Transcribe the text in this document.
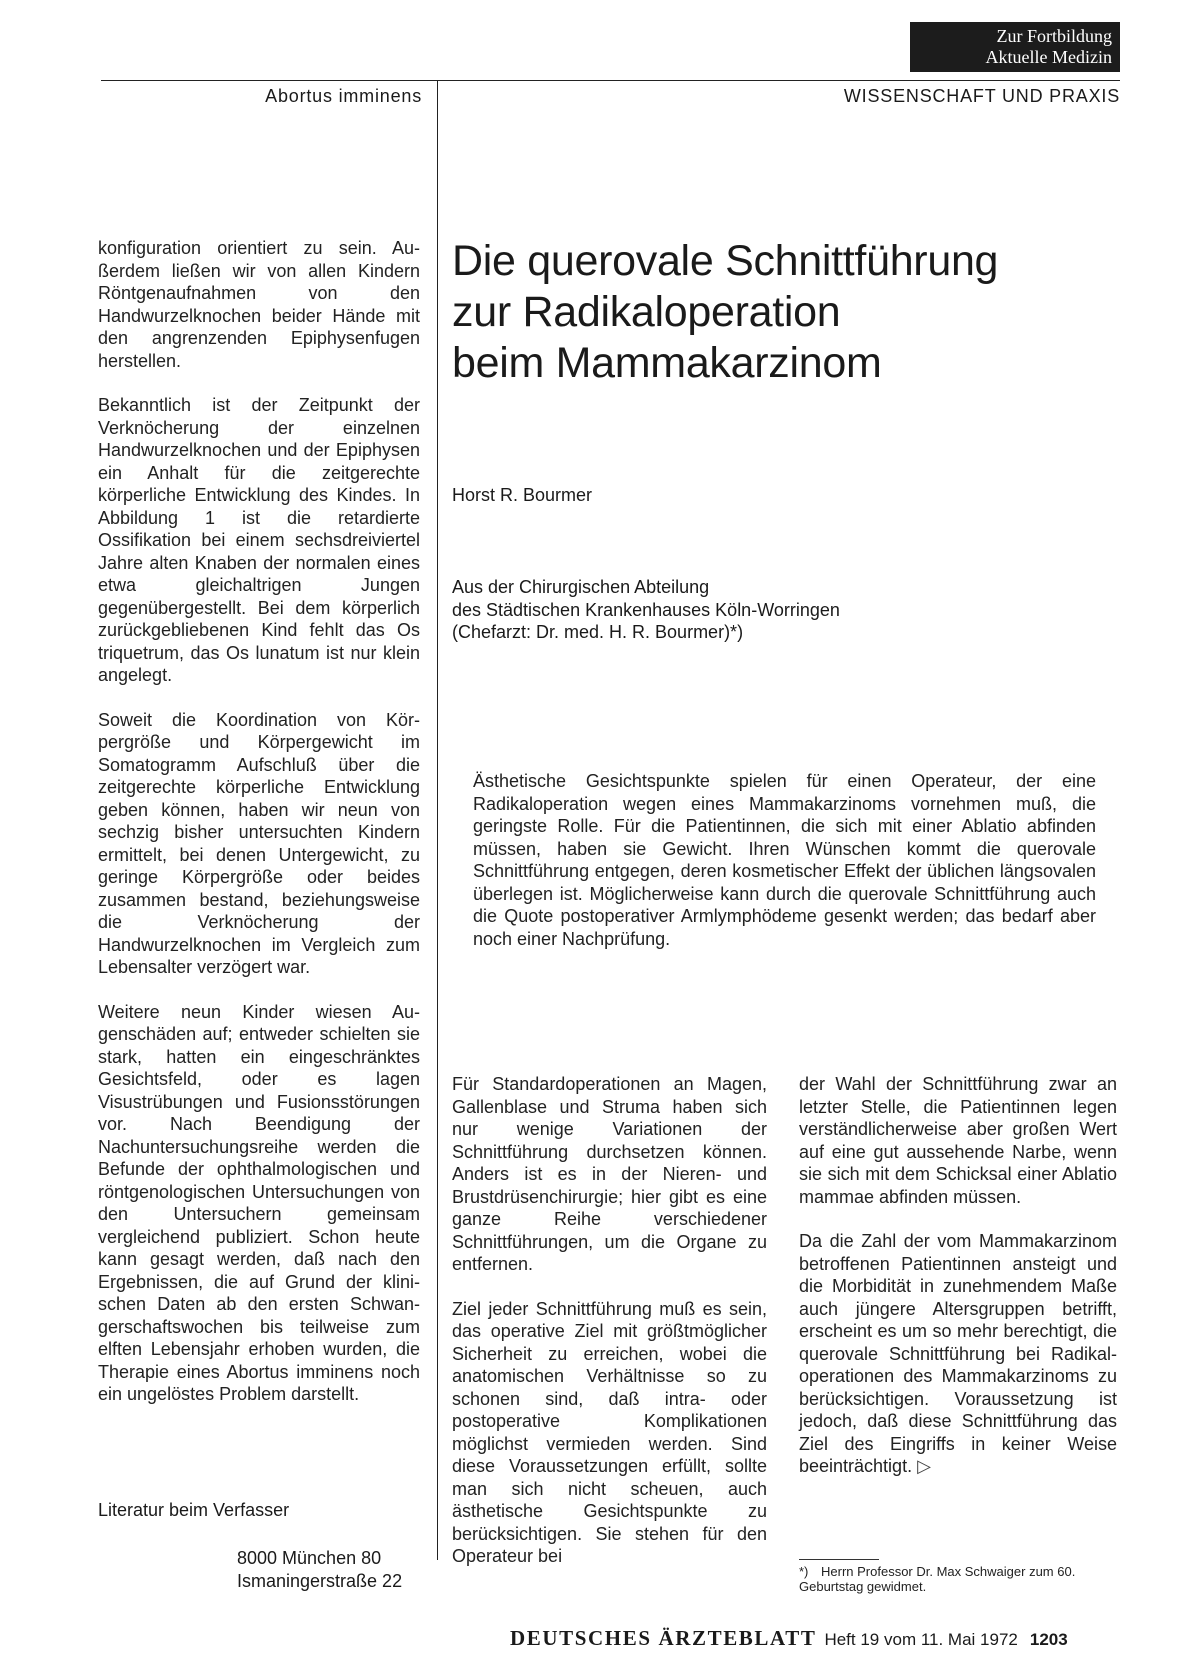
Zur Fortbildung
Aktuelle Medizin
Abortus imminens	WISSENSCHAFT UND PRAXIS

konfiguration orientiert zu sein. Außerdem ließen wir von allen Kindern Röntgenaufnahmen von den Handwurzelknochen beider Hände mit den angrenzenden Epiphysenfugen herstellen.

Bekanntlich ist der Zeitpunkt der Verknöcherung der einzelnen Handwurzelknochen und der Epiphysen ein Anhalt für die zeitgerechte körperliche Entwicklung des Kindes. In Abbildung 1 ist die retardierte Ossifikation bei einem sechsdreiviertel Jahre alten Knaben der normalen eines etwa gleichaltrigen Jungen gegenübergestellt. Bei dem körperlich zurückgebliebenen Kind fehlt das Os triquetrum, das Os lunatum ist nur klein angelegt.

Soweit die Koordination von Körpergröße und Körpergewicht im Somatogramm Aufschluß über die zeitgerechte körperliche Entwicklung geben können, haben wir neun von sechzig bisher untersuchten Kindern ermittelt, bei denen Untergewicht, zu geringe Körpergröße oder beides zusammen bestand, beziehungsweise die Verknöcherung der Handwurzelknochen im Vergleich zum Lebensalter verzögert war.

Weitere neun Kinder wiesen Augenschäden auf; entweder schielten sie stark, hatten ein eingeschränktes Gesichtsfeld, oder es lagen Visustrübungen und Fusionsstörungen vor. Nach Beendigung der Nachuntersuchungsreihe werden die Befunde der ophthalmologischen und röntgenologischen Untersuchungen von den Untersuchern gemeinsam vergleichend publiziert. Schon heute kann gesagt werden, daß nach den Ergebnissen, die auf Grund der klinischen Daten ab den ersten Schwangerschaftswochen bis teilweise zum elften Lebensjahr erhoben wurden, die Therapie eines Abortus imminens noch ein ungelöstes Problem darstellt.

Literatur beim Verfasser
8000 München 80
Ismaningerstraße 22
Die querovale Schnittführung
zur Radikaloperation
beim Mammakarzinom
Horst R. Bourmer
Aus der Chirurgischen Abteilung
des Städtischen Krankenhauses Köln-Worringen
(Chefarzt: Dr. med. H. R. Bourmer)*)
Ästhetische Gesichtspunkte spielen für einen Operateur, der eine Radikaloperation wegen eines Mammakarzinoms vornehmen muß, die geringste Rolle. Für die Patientinnen, die sich mit einer Ablatio abfinden müssen, haben sie Gewicht. Ihren Wünschen kommt die querovale Schnittführung entgegen, deren kosmetischer Effekt der üblichen längsovalen überlegen ist. Möglicherweise kann durch die querovale Schnittführung auch die Quote postoperativer Armlymphödeme gesenkt werden; das bedarf aber noch einer Nachprüfung.

Für Standardoperationen an Magen, Gallenblase und Struma haben sich nur wenige Variationen der Schnittführung durchsetzen können. Anders ist es in der Nieren- und Brustdrüsenchirurgie; hier gibt es eine ganze Reihe verschiedener Schnittführungen, um die Organe zu entfernen.

Ziel jeder Schnittführung muß es sein, das operative Ziel mit größtmöglicher Sicherheit zu erreichen, wobei die anatomischen Verhältnisse so zu schonen sind, daß intra- oder postoperative Komplikationen möglichst vermieden werden. Sind diese Voraussetzungen erfüllt, sollte man sich nicht scheuen, auch ästhetische Gesichtspunkte zu berücksichtigen. Sie stehen für den Operateur bei

der Wahl der Schnittführung zwar an letzter Stelle, die Patientinnen legen verständlicherweise aber großen Wert auf eine gut aussehende Narbe, wenn sie sich mit dem Schicksal einer Ablatio mammae abfinden müssen.

Da die Zahl der vom Mammakarzinom betroffenen Patientinnen ansteigt und die Morbidität in zunehmendem Maße auch jüngere Altersgruppen betrifft, erscheint es um so mehr berechtigt, die querovale Schnittführung bei Radikaloperationen des Mammakarzinoms zu berücksichtigen. Voraussetzung ist jedoch, daß diese Schnittführung das Ziel des Eingriffs in keiner Weise beeinträchtigt. ▷

*) Herrn Professor Dr. Max Schwaiger zum 60. Geburtstag gewidmet.
DEUTSCHES ÄRZTEBLATT Heft 19 vom 11. Mai 1972 1203
